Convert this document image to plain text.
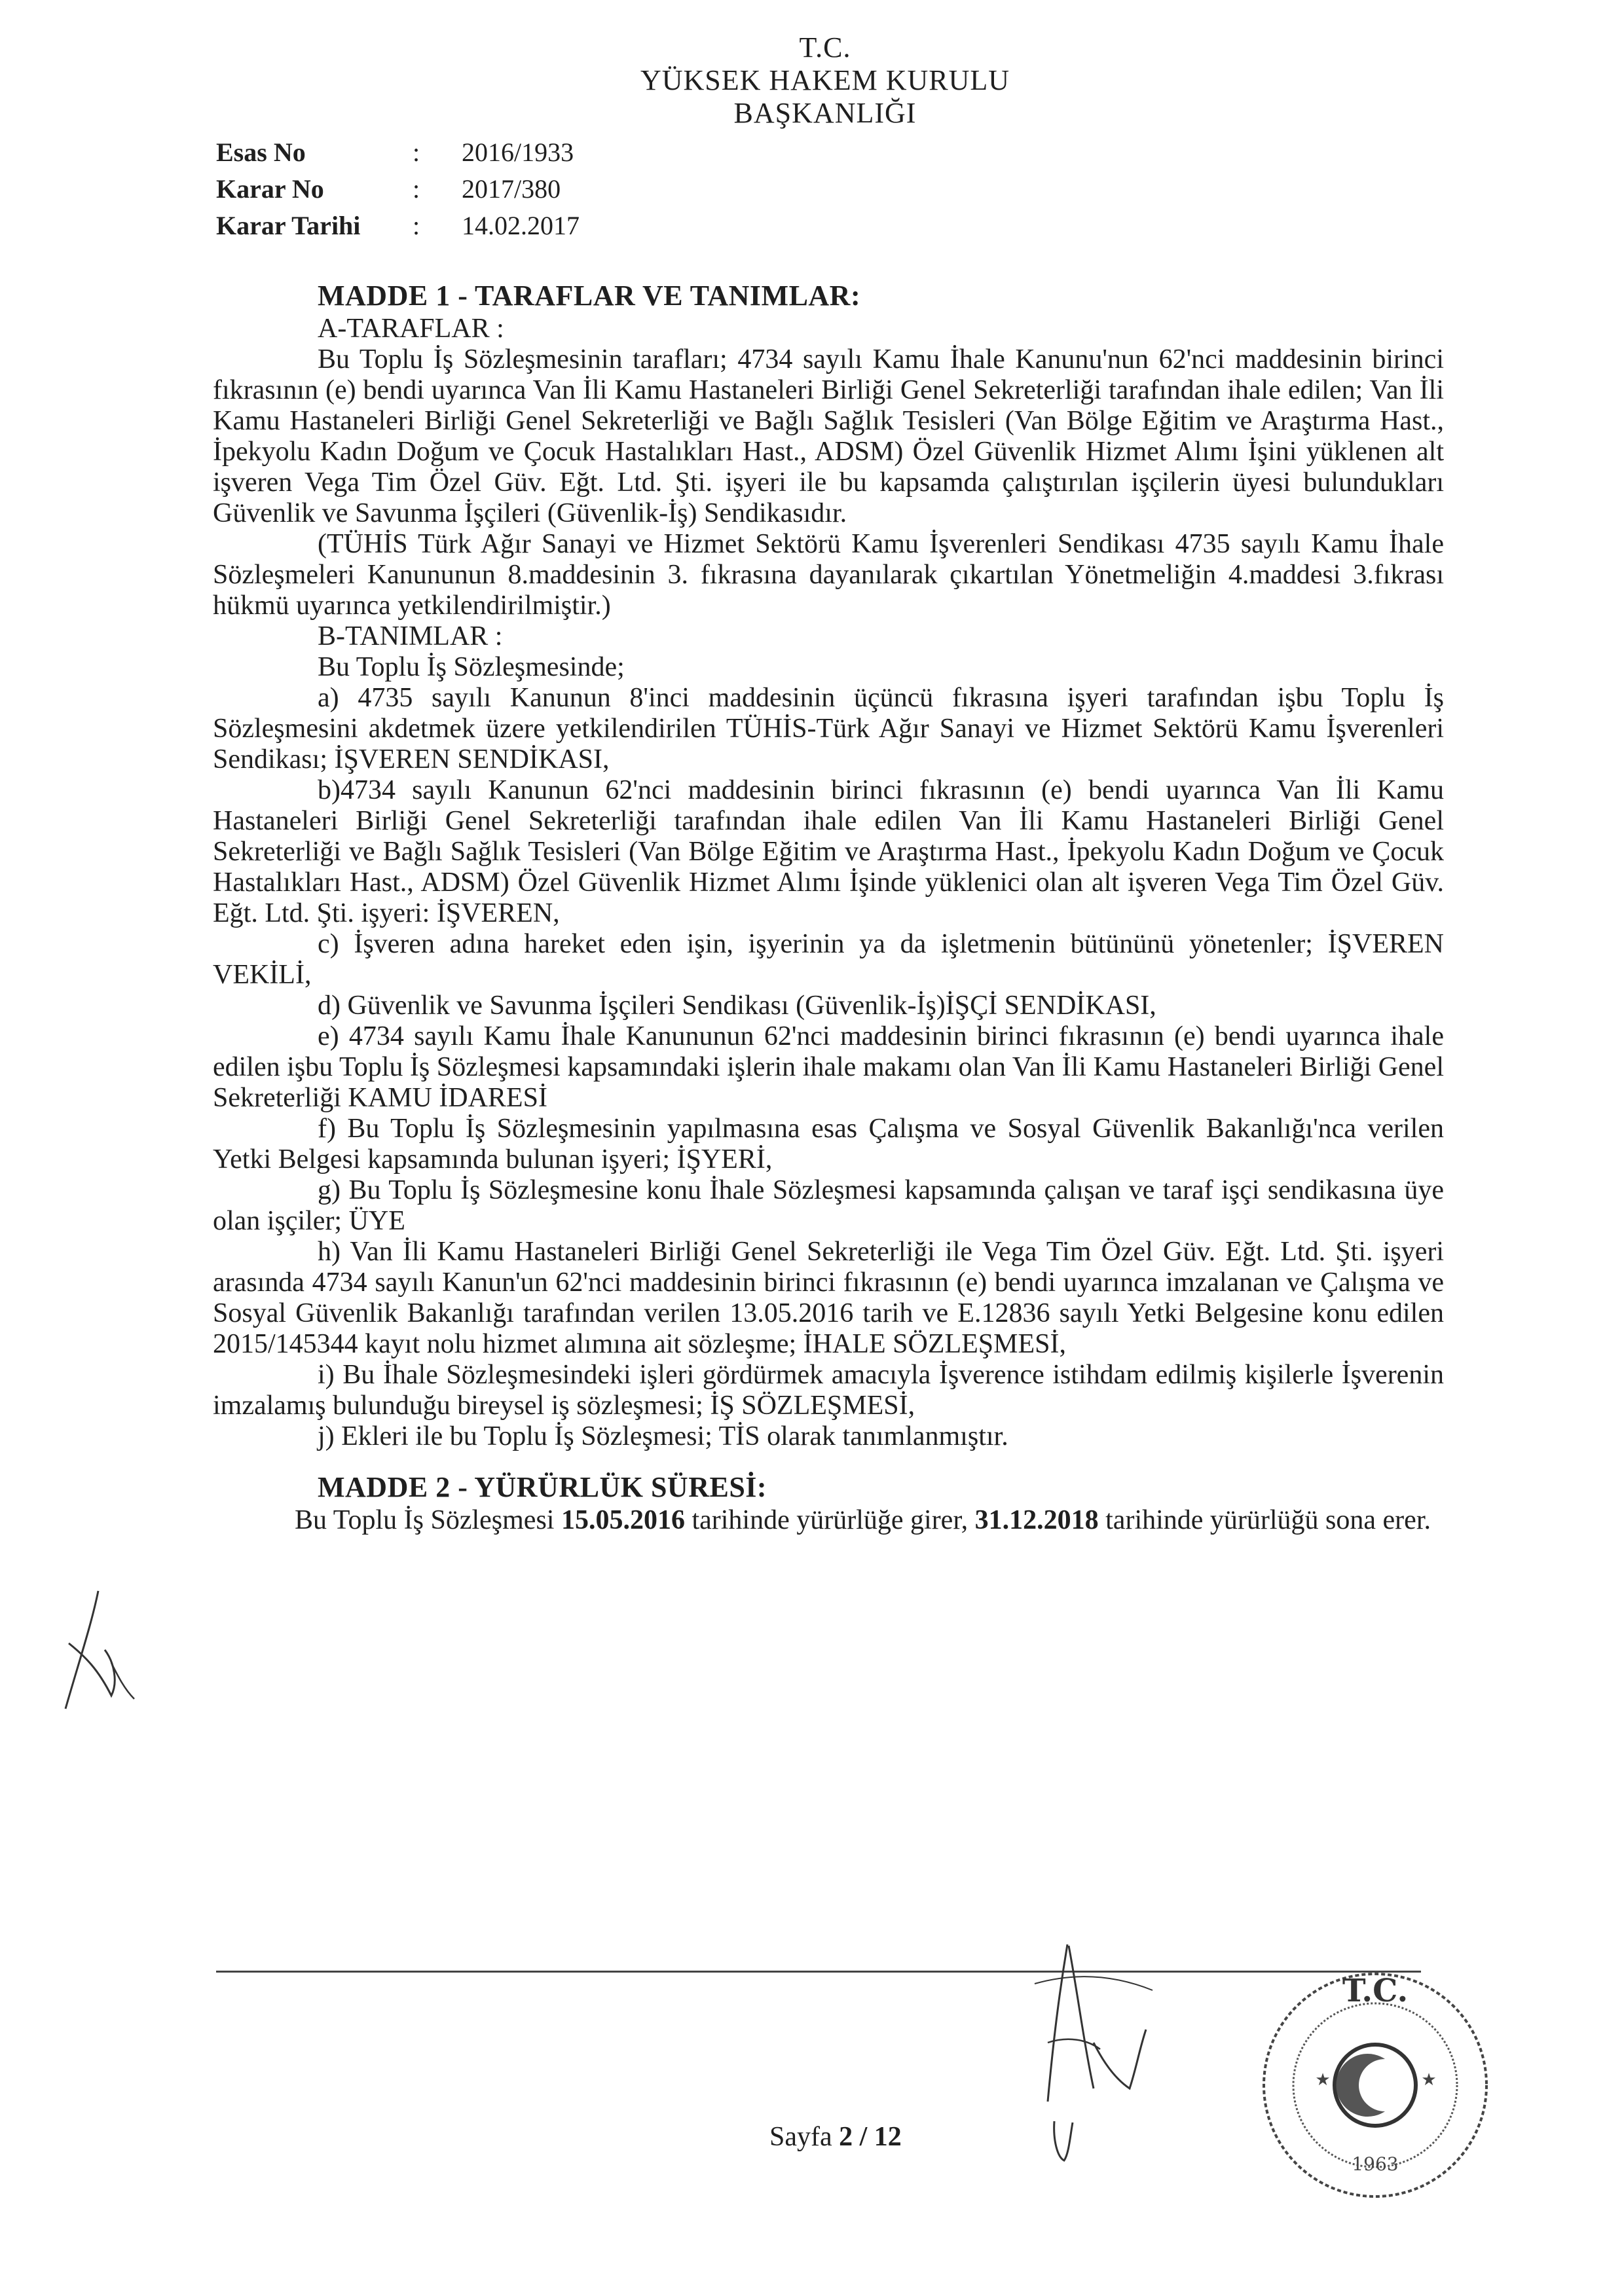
T.C.
YÜKSEK HAKEM KURULU
BAŞKANLIĞI
Esas No	:	2016/1933
Karar No	:	2017/380
Karar Tarihi	:	14.02.2017

MADDE 1 - TARAFLAR VE TANIMLAR:

A-TARAFLAR :

Bu Toplu İş Sözleşmesinin tarafları; 4734 sayılı Kamu İhale Kanunu'nun 62'nci maddesinin birinci fıkrasının (e) bendi uyarınca Van İli Kamu Hastaneleri Birliği Genel Sekreterliği tarafından ihale edilen; Van İli Kamu Hastaneleri Birliği Genel Sekreterliği ve Bağlı Sağlık Tesisleri (Van Bölge Eğitim ve Araştırma Hast., İpekyolu Kadın Doğum ve Çocuk Hastalıkları Hast., ADSM) Özel Güvenlik Hizmet Alımı İşini yüklenen alt işveren Vega Tim Özel Güv. Eğt. Ltd. Şti. işyeri ile bu kapsamda çalıştırılan işçilerin üyesi bulundukları Güvenlik ve Savunma İşçileri (Güvenlik-İş) Sendikasıdır.

(TÜHİS Türk Ağır Sanayi ve Hizmet Sektörü Kamu İşverenleri Sendikası 4735 sayılı Kamu İhale Sözleşmeleri Kanununun 8.maddesinin 3. fıkrasına dayanılarak çıkartılan Yönetmeliğin 4.maddesi 3.fıkrası hükmü uyarınca yetkilendirilmiştir.)

B-TANIMLAR :

Bu Toplu İş Sözleşmesinde;

a) 4735 sayılı Kanunun 8'inci maddesinin üçüncü fıkrasına işyeri tarafından işbu Toplu İş Sözleşmesini akdetmek üzere yetkilendirilen TÜHİS-Türk Ağır Sanayi ve Hizmet Sektörü Kamu İşverenleri Sendikası; İŞVEREN SENDİKASI,

b)4734 sayılı Kanunun 62'nci maddesinin birinci fıkrasının (e) bendi uyarınca Van İli Kamu Hastaneleri Birliği Genel Sekreterliği tarafından ihale edilen Van İli Kamu Hastaneleri Birliği Genel Sekreterliği ve Bağlı Sağlık Tesisleri (Van Bölge Eğitim ve Araştırma Hast., İpekyolu Kadın Doğum ve Çocuk Hastalıkları Hast., ADSM) Özel Güvenlik Hizmet Alımı İşinde yüklenici olan alt işveren Vega Tim Özel Güv. Eğt. Ltd. Şti. işyeri: İŞVEREN,

c) İşveren adına hareket eden işin, işyerinin ya da işletmenin bütününü yönetenler; İŞVEREN VEKİLİ,

d) Güvenlik ve Savunma İşçileri Sendikası (Güvenlik-İş)İŞÇİ SENDİKASI,

e) 4734 sayılı Kamu İhale Kanununun 62'nci maddesinin birinci fıkrasının (e) bendi uyarınca ihale edilen işbu Toplu İş Sözleşmesi kapsamındaki işlerin ihale makamı olan Van İli Kamu Hastaneleri Birliği Genel Sekreterliği KAMU İDARESİ

f) Bu Toplu İş Sözleşmesinin yapılmasına esas Çalışma ve Sosyal Güvenlik Bakanlığı'nca verilen Yetki Belgesi kapsamında bulunan işyeri; İŞYERİ,

g) Bu Toplu İş Sözleşmesine konu İhale Sözleşmesi kapsamında çalışan ve taraf işçi sendikasına üye olan işçiler; ÜYE

h) Van İli Kamu Hastaneleri Birliği Genel Sekreterliği ile Vega Tim Özel Güv. Eğt. Ltd. Şti. işyeri arasında 4734 sayılı Kanun'un 62'nci maddesinin birinci fıkrasının (e) bendi uyarınca imzalanan ve Çalışma ve Sosyal Güvenlik Bakanlığı tarafından verilen 13.05.2016 tarih ve E.12836 sayılı Yetki Belgesine konu edilen 2015/145344 kayıt nolu hizmet alımına ait sözleşme; İHALE SÖZLEŞMESİ,

i) Bu İhale Sözleşmesindeki işleri gördürmek amacıyla İşverence istihdam edilmiş kişilerle İşverenin imzalamış bulunduğu bireysel iş sözleşmesi; İŞ SÖZLEŞMESİ,

j) Ekleri ile bu Toplu İş Sözleşmesi; TİS olarak tanımlanmıştır.

MADDE 2 - YÜRÜRLÜK SÜRESİ:

Bu Toplu İş Sözleşmesi 15.05.2016 tarihinde yürürlüğe girer, 31.12.2018 tarihinde yürürlüğü sona erer.

Sayfa 2 / 12
T.C.
1963
★	★
